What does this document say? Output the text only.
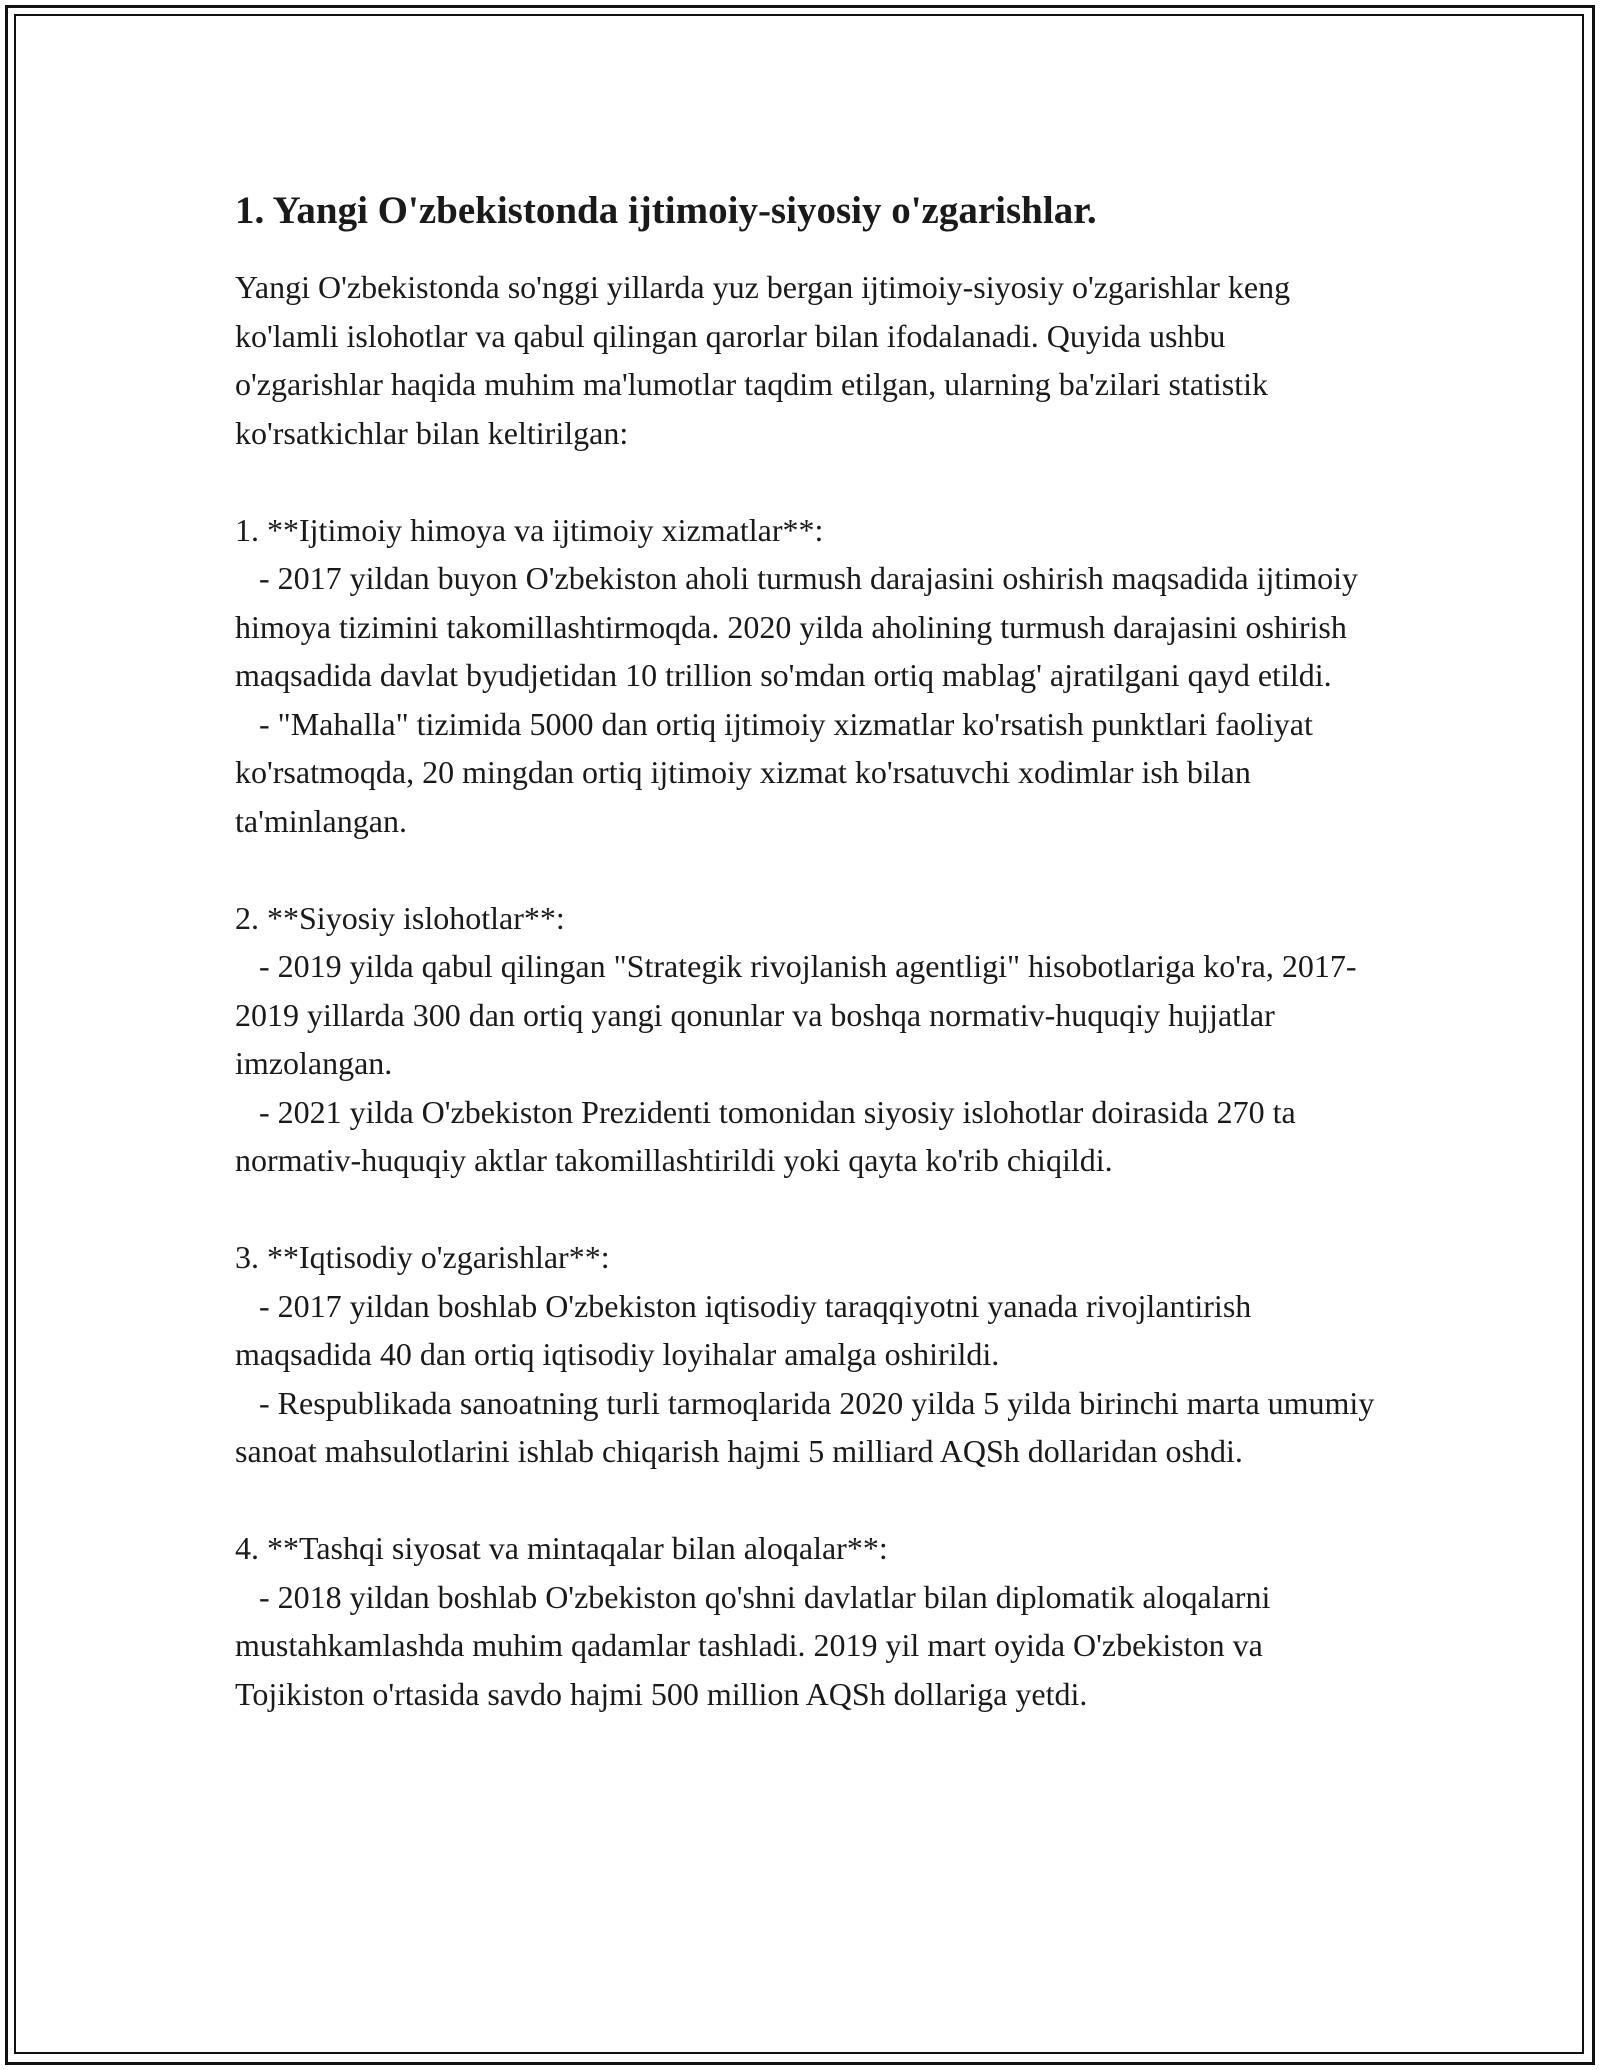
1. Yangi O'zbekistonda ijtimoiy-siyosiy o'zgarishlar.

Yangi O'zbekistonda so'nggi yillarda yuz bergan ijtimoiy-siyosiy o'zgarishlar keng ko'lamli islohotlar va qabul qilingan qarorlar bilan ifodalanadi. Quyida ushbu o'zgarishlar haqida muhim ma'lumotlar taqdim etilgan, ularning ba'zilari statistik ko'rsatkichlar bilan keltirilgan:

1. **Ijtimoiy himoya va ijtimoiy xizmatlar**:

- 2017 yildan buyon O'zbekiston aholi turmush darajasini oshirish maqsadida ijtimoiy himoya tizimini takomillashtirmoqda. 2020 yilda aholining turmush darajasini oshirish maqsadida davlat byudjetidan 10 trillion so'mdan ortiq mablag' ajratilgani qayd etildi.

- "Mahalla" tizimida 5000 dan ortiq ijtimoiy xizmatlar ko'rsatish punktlari faoliyat ko'rsatmoqda, 20 mingdan ortiq ijtimoiy xizmat ko'rsatuvchi xodimlar ish bilan ta'minlangan.

2. **Siyosiy islohotlar**:

- 2019 yilda qabul qilingan "Strategik rivojlanish agentligi" hisobotlariga ko'ra, 2017-2019 yillarda 300 dan ortiq yangi qonunlar va boshqa normativ-huquqiy hujjatlar imzolangan.

- 2021 yilda O'zbekiston Prezidenti tomonidan siyosiy islohotlar doirasida 270 ta normativ-huquqiy aktlar takomillashtirildi yoki qayta ko'rib chiqildi.

3. **Iqtisodiy o'zgarishlar**:

- 2017 yildan boshlab O'zbekiston iqtisodiy taraqqiyotni yanada rivojlantirish maqsadida 40 dan ortiq iqtisodiy loyihalar amalga oshirildi.

- Respublikada sanoatning turli tarmoqlarida 2020 yilda 5 yilda birinchi marta umumiy sanoat mahsulotlarini ishlab chiqarish hajmi 5 milliard AQSh dollaridan oshdi.

4. **Tashqi siyosat va mintaqalar bilan aloqalar**:

- 2018 yildan boshlab O'zbekiston qo'shni davlatlar bilan diplomatik aloqalarni mustahkamlashda muhim qadamlar tashladi. 2019 yil mart oyida O'zbekiston va Tojikiston o'rtasida savdo hajmi 500 million AQSh dollariga yetdi.
